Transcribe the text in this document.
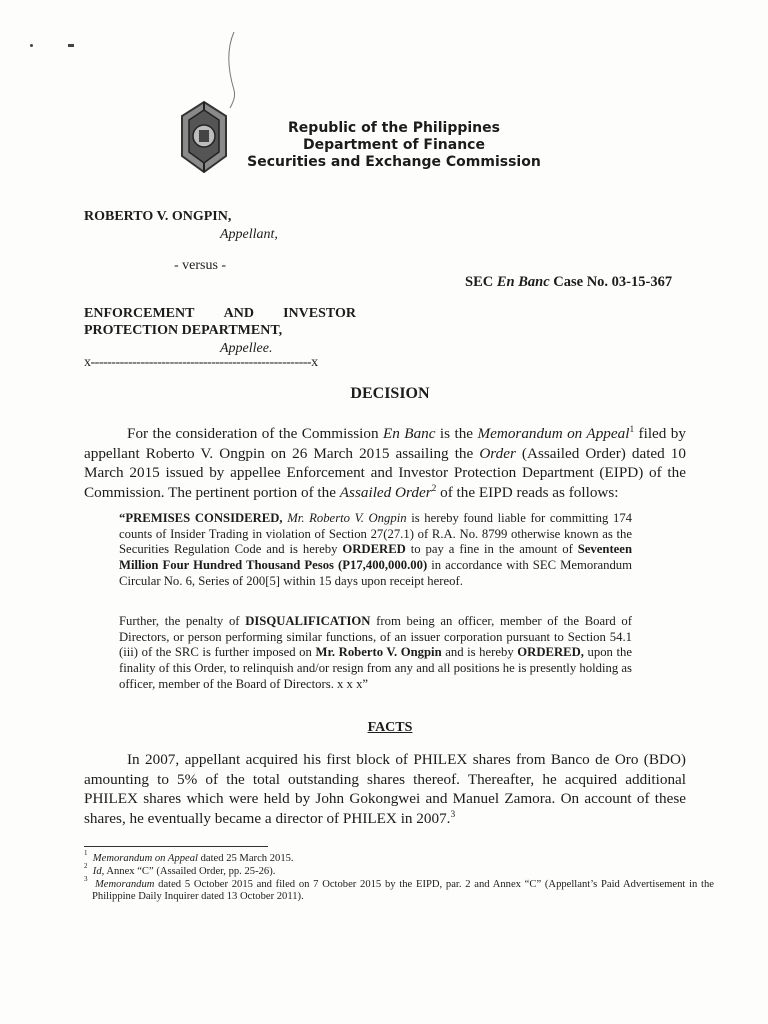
Republic of the Philippines
Department of Finance
Securities and Exchange Commission
ROBERTO V. ONGPIN,
Appellant,
- versus -
SEC En Banc Case No. 03-15-367
ENFORCEMENT AND INVESTOR
PROTECTION DEPARTMENT,
Appellee.
x-----------------------------------------------------x
DECISION
For the consideration of the Commission En Banc is the Memorandum on Appeal$^1$ filed by appellant Roberto V. Ongpin on 26 March 2015 assailing the Order (Assailed Order) dated 10 March 2015 issued by appellee Enforcement and Investor Protection Department (EIPD) of the Commission. The pertinent portion of the Assailed Order$^2$ of the EIPD reads as follows:
“PREMISES CONSIDERED, Mr. Roberto V. Ongpin is hereby found liable for committing 174 counts of Insider Trading in violation of Section 27(27.1) of R.A. No. 8799 otherwise known as the Securities Regulation Code and is hereby ORDERED to pay a fine in the amount of Seventeen Million Four Hundred Thousand Pesos (P17,400,000.00) in accordance with SEC Memorandum Circular No. 6, Series of 200[5] within 15 days upon receipt hereof.
Further, the penalty of DISQUALIFICATION from being an officer, member of the Board of Directors, or person performing similar functions, of an issuer corporation pursuant to Section 54.1 (iii) of the SRC is further imposed on Mr. Roberto V. Ongpin and is hereby ORDERED, upon the finality of this Order, to relinquish and/or resign from any and all positions he is presently holding as officer, member of the Board of Directors. x x x”
FACTS
In 2007, appellant acquired his first block of PHILEX shares from Banco de Oro (BDO) amounting to 5% of the total outstanding shares thereof. Thereafter, he acquired additional PHILEX shares which were held by John Gokongwei and Manuel Zamora. On account of these shares, he eventually became a director of PHILEX in 2007.$^3$
$^1$ Memorandum on Appeal dated 25 March 2015.
$^2$ Id, Annex “C” (Assailed Order, pp. 25-26).
$^3$ Memorandum dated 5 October 2015 and filed on 7 October 2015 by the EIPD, par. 2 and Annex “C” (Appellant’s Paid Advertisement in the Philippine Daily Inquirer dated 13 October 2011).
